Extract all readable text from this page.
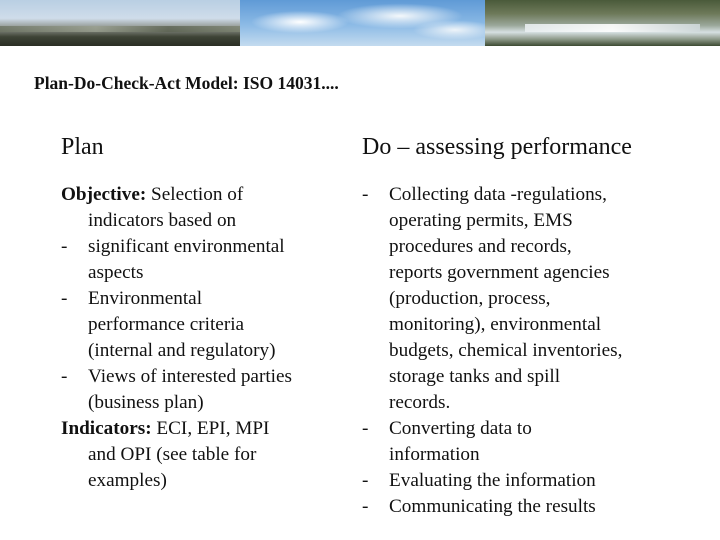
Plan-Do-Check-Act Model: ISO 14031....
Plan
Objective: Selection of
indicators based on
- significant environmental
aspects
- Environmental
performance criteria
(internal and regulatory)
- Views of interested parties
(business plan)
Indicators: ECI, EPI, MPI
and OPI (see table for
examples)
Do – assessing performance
- Collecting data -regulations,
operating permits, EMS
procedures and records,
reports government agencies
(production, process,
monitoring), environmental
budgets, chemical inventories,
storage tanks and spill
records.
- Converting data to
information
- Evaluating the information
- Communicating the results
